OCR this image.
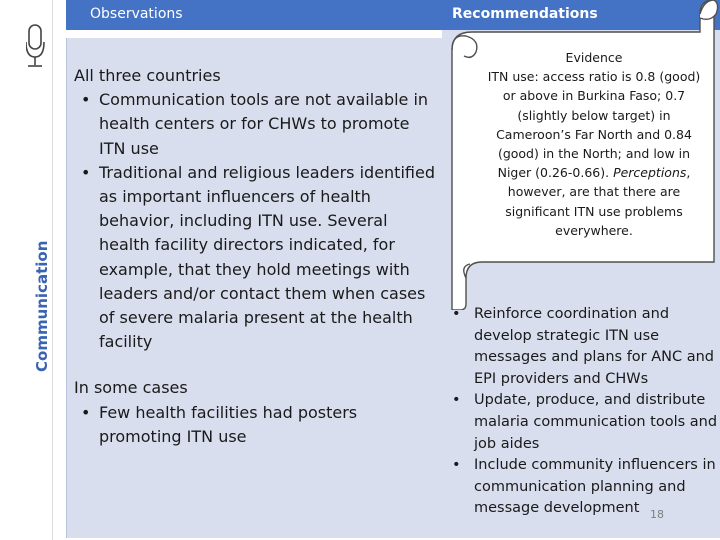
Communication
Observations	Recommendations
All three countries
• Communication tools are not available in health centers or for CHWs to promote ITN use
• Traditional and religious leaders identified as important influencers of health behavior, including ITN use. Several health facility directors indicated, for example, that they hold meetings with leaders and/or contact them when cases of severe malaria present at the health facility
In some cases
• Few health facilities had posters promoting ITN use
Evidence
ITN use: access ratio is 0.8 (good) or above in Burkina Faso; 0.7 (slightly below target) in Cameroon’s Far North and 0.84 (good) in the North; and low in Niger (0.26-0.66). Perceptions, however, are that there are significant ITN use problems everywhere.
• Reinforce coordination and develop strategic ITN use messages and plans for ANC and EPI providers and CHWs
• Update, produce, and distribute malaria communication tools and job aides
• Include community influencers in communication planning and message development 18
